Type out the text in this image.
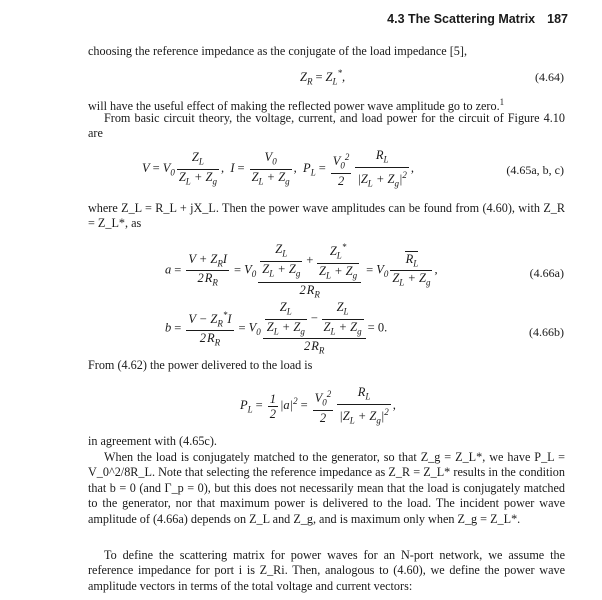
4.3 The Scattering Matrix 187
choosing the reference impedance as the conjugate of the load impedance [5],
$Z_R = Z_L^*$,	(4.64)
will have the useful effect of making the reflected power wave amplitude go to zero.$^1$
From basic circuit theory, the voltage, current, and load power for the circuit of Figure 4.10 are
$V = V_0 \frac{Z_L}{Z_L + Z_g}$ ,  $I = \frac{V_0}{Z_L + Z_g}$ ,  $P_L = \frac{V_0^2}{2} \frac{R_L}{|Z_L + Z_g|^2}$ ,	(4.65a, b, c)
where Z_L = R_L + jX_L. Then the power wave amplitudes can be found from (4.60), with Z_R = Z_L*, as
$a = \frac{V + Z_RI}{2R_R} = V_0 \frac{\frac{Z_L}{Z_L + Z_g} + \frac{Z_L^*}{Z_L + Z_g}}{2R_R} = V_0 \frac{R_L}{Z_L + Z_g}$ ,	(4.66a)
$b = \frac{V - Z_R^*I}{2R_R} = V_0 \frac{\frac{Z_L}{Z_L + Z_g} - \frac{Z_L}{Z_L + Z_g}}{2R_R} = 0$.	(4.66b)
From (4.62) the power delivered to the load is
$P_L = \frac{1}{2} |a|^2 = \frac{V_0^2}{2} \frac{R_L}{|Z_L + Z_g|^2}$ ,
in agreement with (4.65c).
When the load is conjugately matched to the generator, so that Z_g = Z_L*, we have P_L = V_0^2/8R_L. Note that selecting the reference impedance as Z_R = Z_L* results in the condition that b = 0 (and Γ_p = 0), but this does not necessarily mean that the load is conjugately matched to the generator, nor that maximum power is delivered to the load. The incident power wave amplitude of (4.66a) depends on Z_L and Z_g, and is maximum only when Z_g = Z_L*.
To define the scattering matrix for power waves for an N-port network, we assume the reference impedance for port i is Z_Ri. Then, analogous to (4.60), we define the power wave amplitude vectors in terms of the total voltage and current vectors:
